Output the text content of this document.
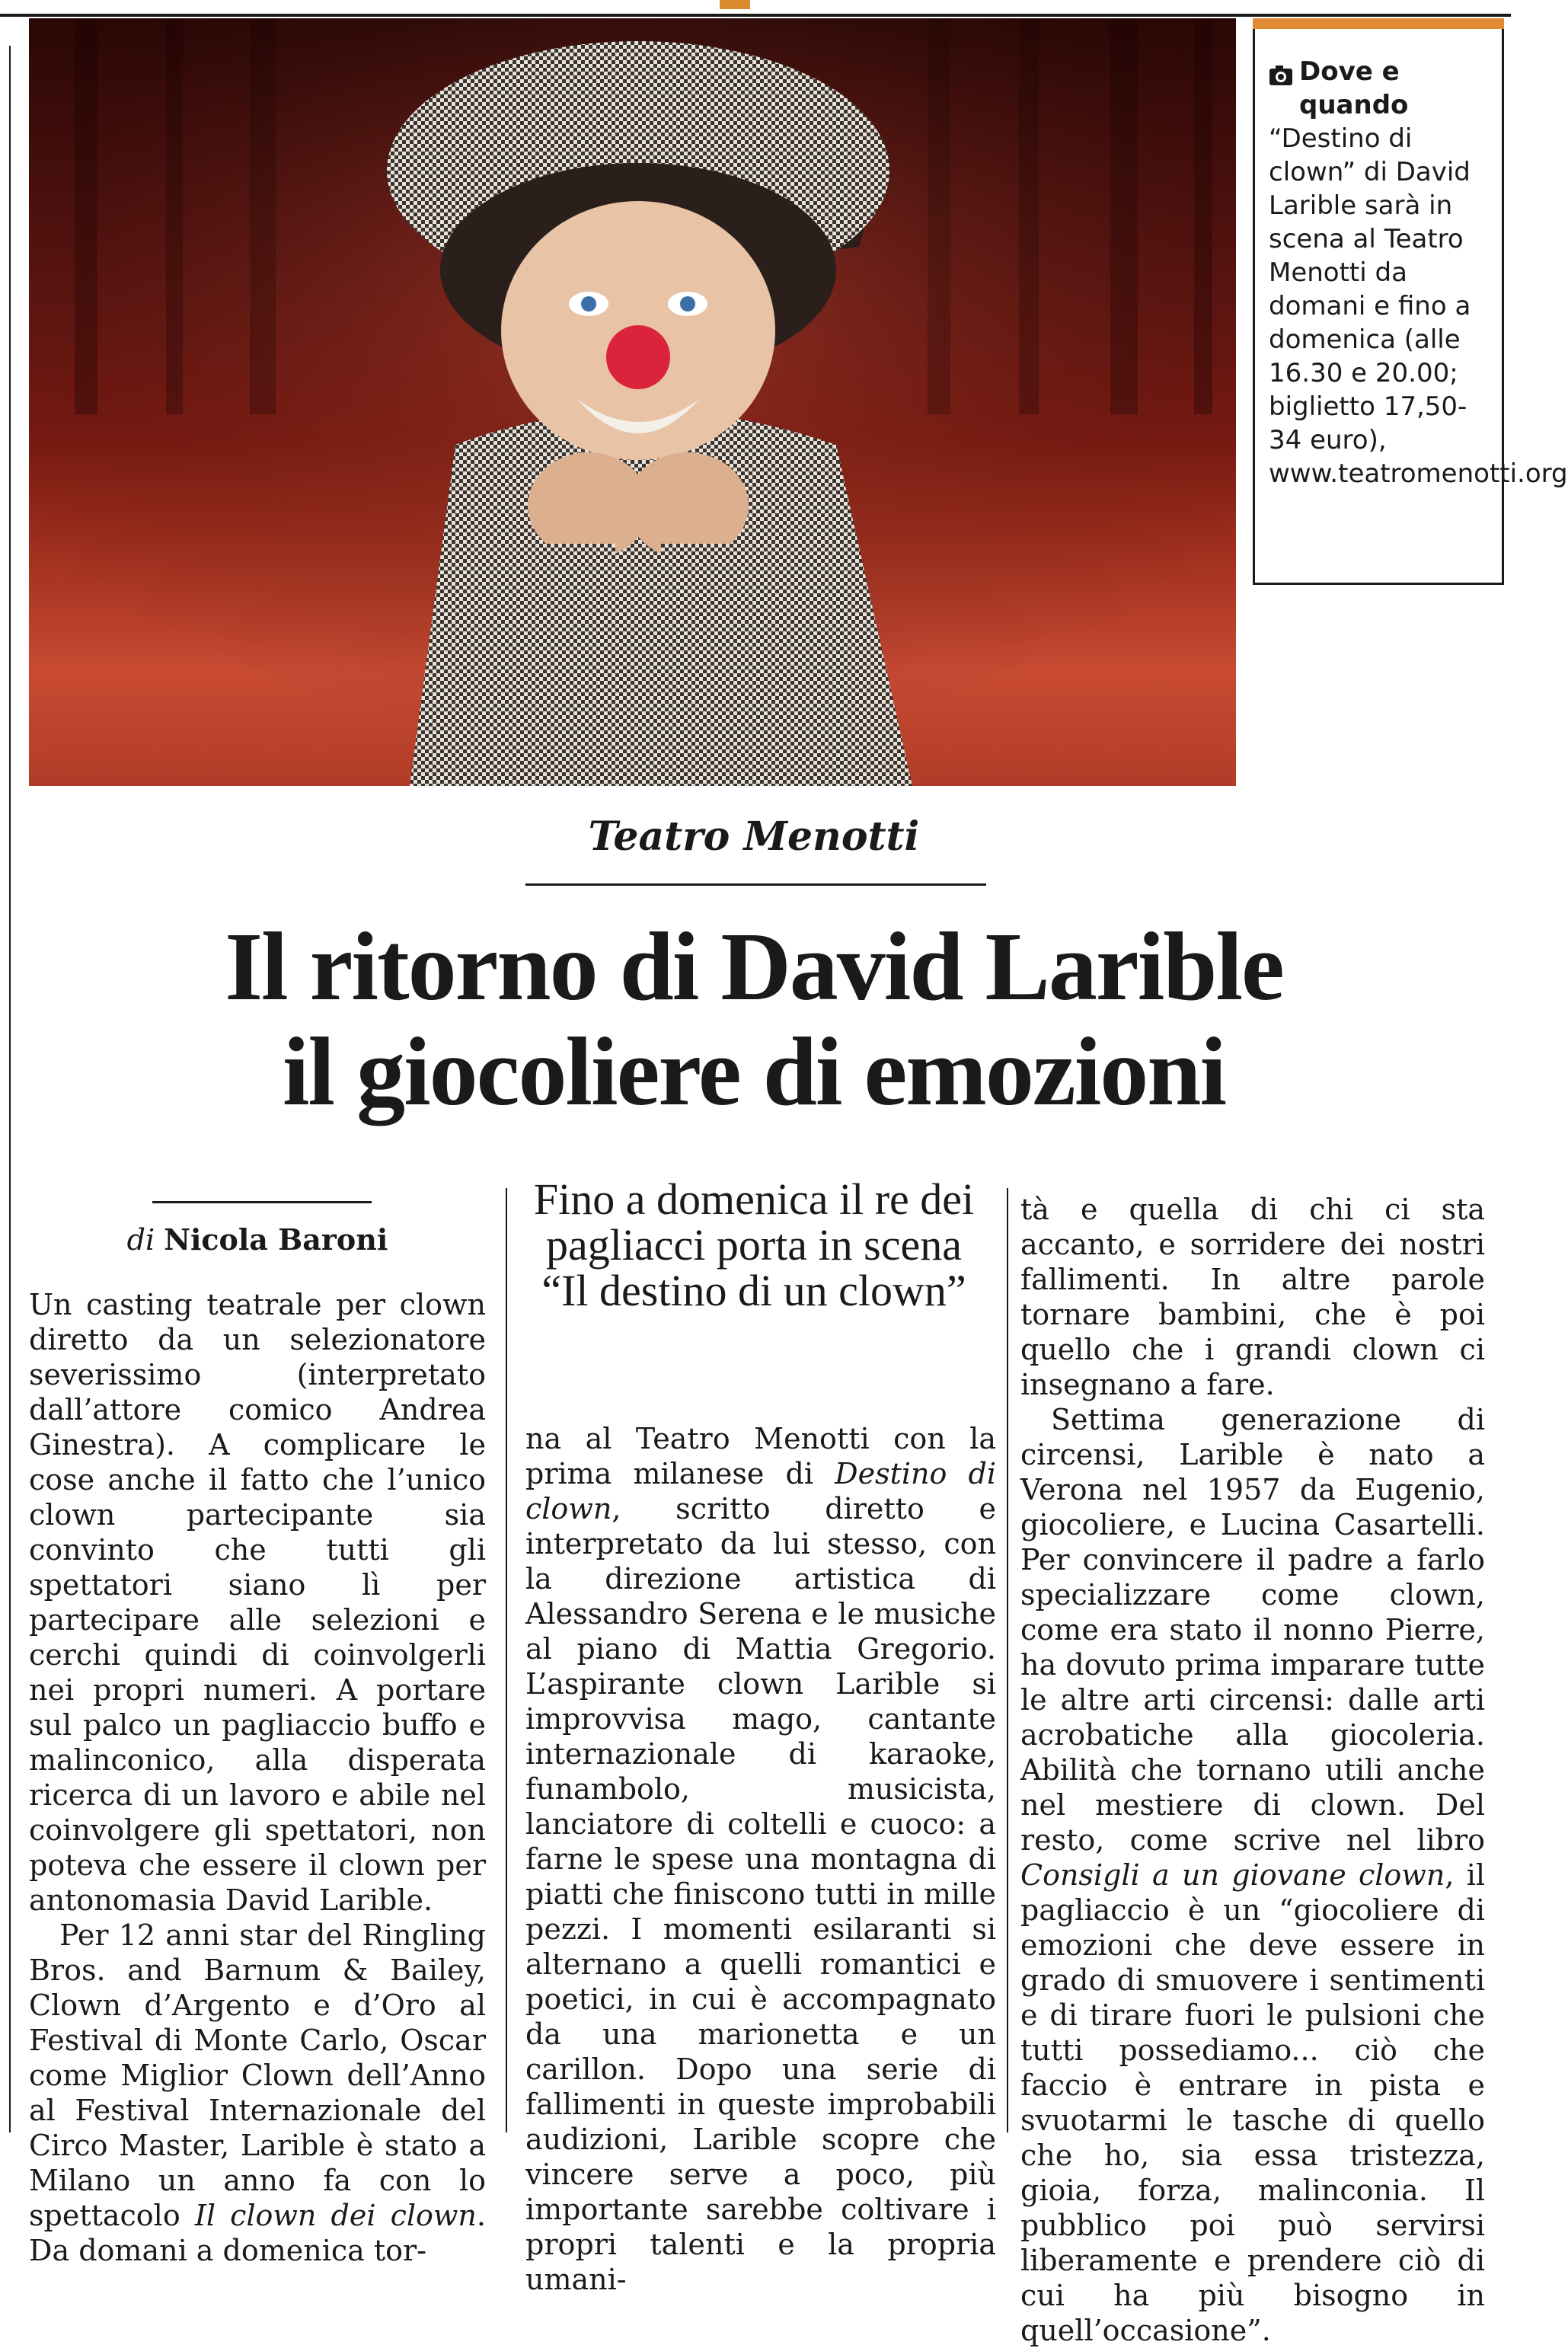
Dove e quando

“Destino di clown” di David Larible sarà in scena al Teatro Menotti da domani e fino a domenica (alle 16.30 e 20.00; biglietto 17,50-34 euro), www.teatromenotti.org

Teatro Menotti
Il ritorno di David Larible
il giocoliere di emozioni
di Nicola Baroni

Un casting teatrale per clown diretto da un selezionatore severissimo (interpretato dall’attore comico Andrea Ginestra). A complicare le cose anche il fatto che l’unico clown partecipante sia convinto che tutti gli spettatori siano lì per partecipare alle selezioni e cerchi quindi di coinvolgerli nei propri numeri. A portare sul palco un pagliaccio buffo e malinconico, alla disperata ricerca di un lavoro e abile nel coinvolgere gli spettatori, non poteva che essere il clown per antonomasia David Larible.

Per 12 anni star del Ringling Bros. and Barnum & Bailey, Clown d’Argento e d’Oro al Festival di Monte Carlo, Oscar come Miglior Clown dell’Anno al Festival Internazionale del Circo Master, Larible è stato a Milano un anno fa con lo spettacolo Il clown dei clown. Da domani a domenica tor-

Fino a domenica il re dei pagliacci porta in scena “Il destino di un clown”

na al Teatro Menotti con la prima milanese di Destino di clown, scritto diretto e interpretato da lui stesso, con la direzione artistica di Alessandro Serena e le musiche al piano di Mattia Gregorio. L’aspirante clown Larible si improvvisa mago, cantante internazionale di karaoke, funambolo, musicista, lanciatore di coltelli e cuoco: a farne le spese una montagna di piatti che finiscono tutti in mille pezzi. I momenti esilaranti si alternano a quelli romantici e poetici, in cui è accompagnato da una marionetta e un carillon. Dopo una serie di fallimenti in queste improbabili audizioni, Larible scopre che vincere serve a poco, più importante sarebbe coltivare i propri talenti e la propria umani-

tà e quella di chi ci sta accanto, e sorridere dei nostri fallimenti. In altre parole tornare bambini, che è poi quello che i grandi clown ci insegnano a fare.

Settima generazione di circensi, Larible è nato a Verona nel 1957 da Eugenio, giocoliere, e Lucina Casartelli. Per convincere il padre a farlo specializzare come clown, come era stato il nonno Pierre, ha dovuto prima imparare tutte le altre arti circensi: dalle arti acrobatiche alla giocoleria. Abilità che tornano utili anche nel mestiere di clown. Del resto, come scrive nel libro Consigli a un giovane clown, il pagliaccio è un “giocoliere di emozioni che deve essere in grado di smuovere i sentimenti e di tirare fuori le pulsioni che tutti possediamo... ciò che faccio è entrare in pista e svuotarmi le tasche di quello che ho, sia essa tristezza, gioia, forza, malinconia. Il pubblico poi può servirsi liberamente e prendere ciò di cui ha più bisogno in quell’occasione”.
